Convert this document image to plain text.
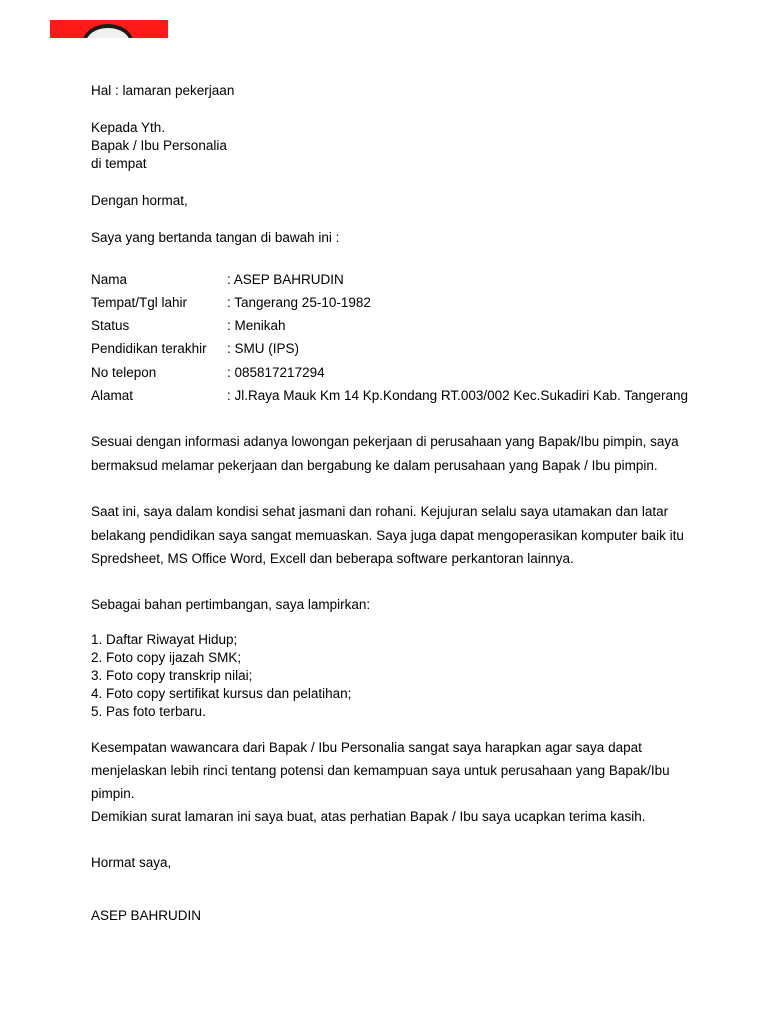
Hal : lamaran pekerjaan
Kepada Yth.
Bapak / Ibu Personalia
di tempat
Dengan hormat,
Saya yang bertanda tangan di bawah ini :
Nama	: ASEP BAHRUDIN
Tempat/Tgl lahir	: Tangerang 25-10-1982
Status	: Menikah
Pendidikan terakhir : SMU (IPS)
No telepon	: 085817217294
Alamat	: Jl.Raya Mauk Km 14 Kp.Kondang RT.003/002 Kec.Sukadiri Kab. Tangerang
Sesuai dengan informasi adanya lowongan pekerjaan di perusahaan yang Bapak/Ibu pimpin, saya
bermaksud melamar pekerjaan dan bergabung ke dalam perusahaan yang Bapak / Ibu pimpin.
Saat ini, saya dalam kondisi sehat jasmani dan rohani. Kejujuran selalu saya utamakan dan latar
belakang pendidikan saya sangat memuaskan. Saya juga dapat mengoperasikan komputer baik itu
Spredsheet, MS Office Word, Excell dan beberapa software perkantoran lainnya.
Sebagai bahan pertimbangan, saya lampirkan:
1. Daftar Riwayat Hidup;
2. Foto copy ijazah SMK;
3. Foto copy transkrip nilai;
4. Foto copy sertifikat kursus dan pelatihan;
5. Pas foto terbaru.
Kesempatan wawancara dari Bapak / Ibu Personalia sangat saya harapkan agar saya dapat
menjelaskan lebih rinci tentang potensi dan kemampuan saya untuk perusahaan yang Bapak/Ibu
pimpin.
Demikian surat lamaran ini saya buat, atas perhatian Bapak / Ibu saya ucapkan terima kasih.
Hormat saya,
ASEP BAHRUDIN
